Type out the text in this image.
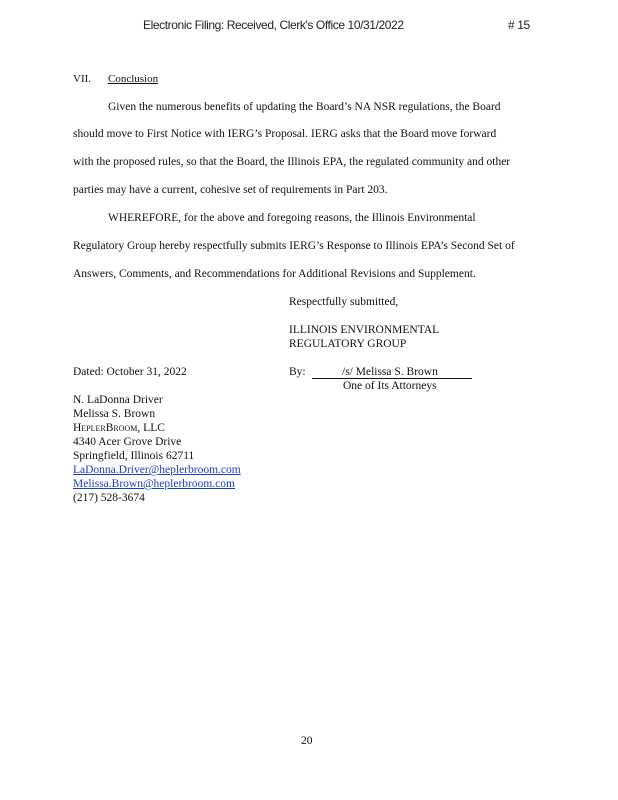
Electronic Filing: Received, Clerk's Office 10/31/2022	# 15
VII. Conclusion
Given the numerous benefits of updating the Board’s NA NSR regulations, the Board
should move to First Notice with IERG’s Proposal. IERG asks that the Board move forward
with the proposed rules, so that the Board, the Illinois EPA, the regulated community and other
parties may have a current, cohesive set of requirements in Part 203.
WHEREFORE, for the above and foregoing reasons, the Illinois Environmental
Regulatory Group hereby respectfully submits IERG’s Response to Illinois EPA’s Second Set of
Answers, Comments, and Recommendations for Additional Revisions and Supplement.
Respectfully submitted,
ILLINOIS ENVIRONMENTAL
REGULATORY GROUP
Dated: October 31, 2022	By:	/s/ Melissa S. Brown
One of Its Attorneys
N. LaDonna Driver
Melissa S. Brown
HeplerBroom, LLC
4340 Acer Grove Drive
Springfield, Illinois 62711
LaDonna.Driver@heplerbroom.com
Melissa.Brown@heplerbroom.com
(217) 528-3674
20
